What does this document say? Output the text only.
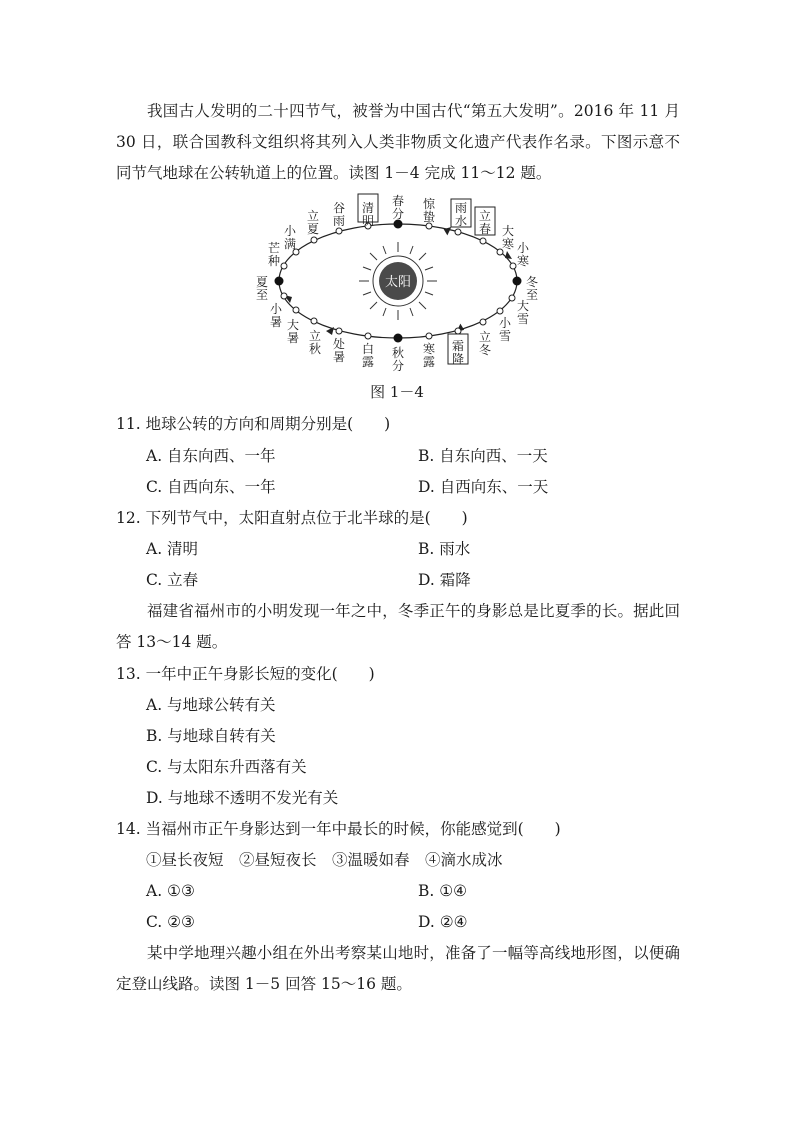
我国古人发明的二十四节气，被誉为中国古代“第五大发明”。2016 年 11 月 30 日，联合国教科文组织将其列入人类非物质文化遗产代表作名录。下图示意不同节气地球在公转轨道上的位置。读图 1－4 完成 11～12 题。

太阳
春分
惊蛰
雨水 立春 大寒 小寒
冬至
大雪
小雪
立冬
霜降
寒露
秋分
白露
处暑
立秋
大暑
小暑
夏至
芒种
小满
立夏
谷雨
清明
图 1－4

11. 地球公转的方向和周期分别是(　　)

A. 自东向西、一年	B. 自东向西、一天
C. 自西向东、一年	D. 自西向东、一天

12. 下列节气中，太阳直射点位于北半球的是(　　)

A. 清明	B. 雨水
C. 立春	D. 霜降

福建省福州市的小明发现一年之中，冬季正午的身影总是比夏季的长。据此回答 13～14 题。

13. 一年中正午身影长短的变化(　　)

A. 与地球公转有关
B. 与地球自转有关
C. 与太阳东升西落有关
D. 与地球不透明不发光有关

14. 当福州市正午身影达到一年中最长的时候，你能感觉到(　　)

①昼长夜短　②昼短夜长　③温暖如春　④滴水成冰
A. ①③	B. ①④
C. ②③	D. ②④

某中学地理兴趣小组在外出考察某山地时，准备了一幅等高线地形图，以便确定登山线路。读图 1－5 回答 15～16 题。
